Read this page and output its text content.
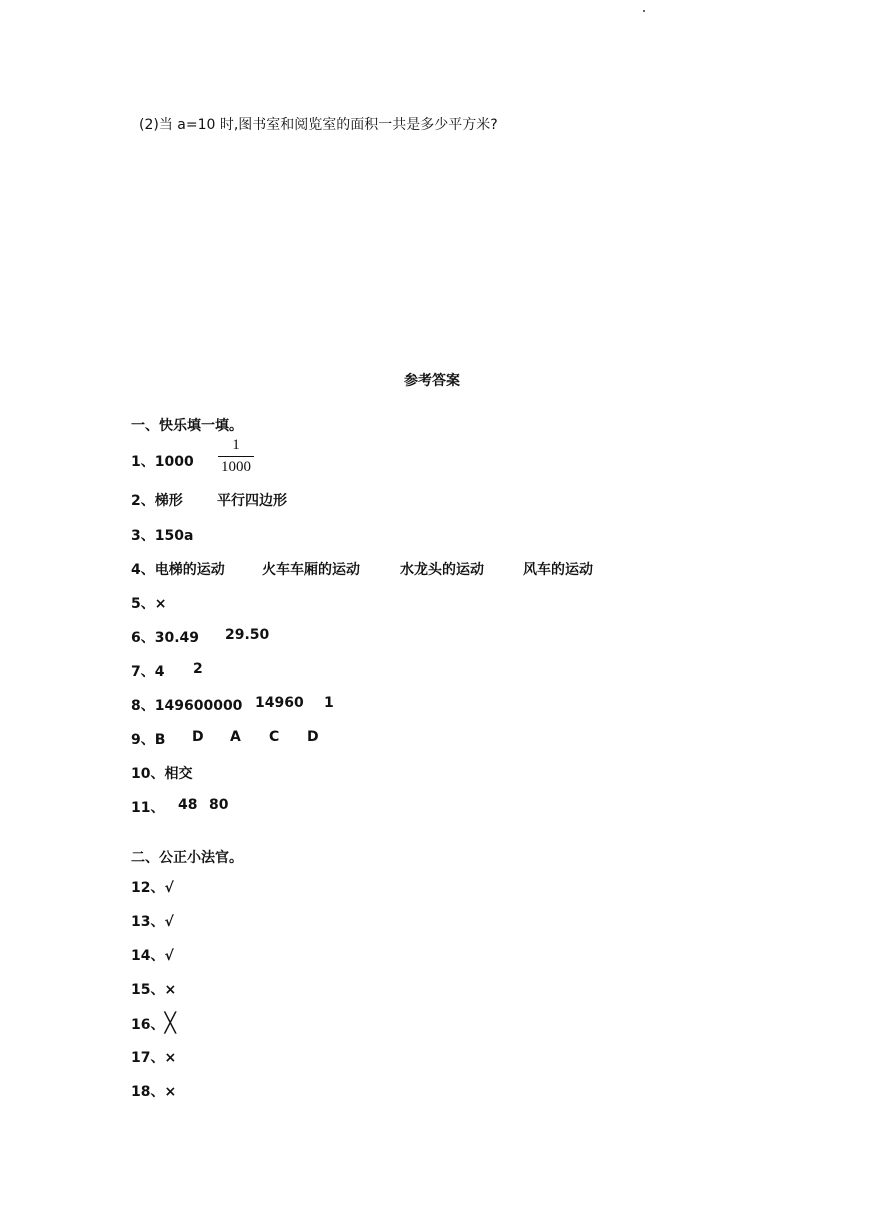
(2)当 a=10 时,图书室和阅览室的面积一共是多少平方米?
参考答案
一、快乐填一填。
1、1000
1
1000
2、梯形 平行四边形
3、150a
4、电梯的运动	火车车厢的运动	水龙头的运动	风车的运动
5、×
6、30.49 29.50
7、4 2
8、149600000 14960 1
9、B D A C D
10、相交
11、 48 80
二、公正小法官。
12、√
13、√
14、√
15、×
16、╳
17、×
18、×
